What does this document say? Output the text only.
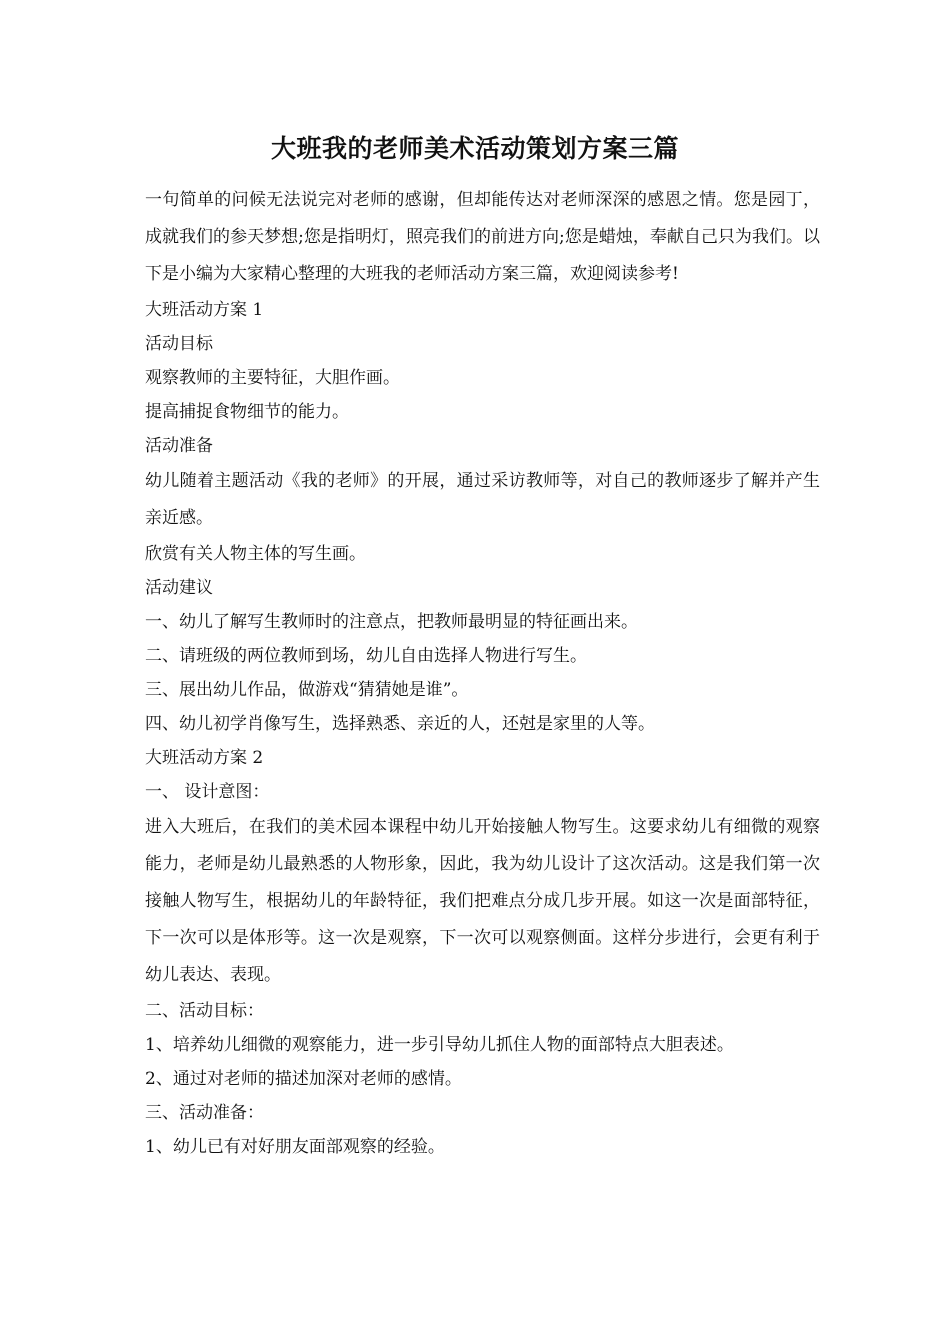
大班我的老师美术活动策划方案三篇

一句简单的问候无法说完对老师的感谢，但却能传达对老师深深的感恩之情。您是园丁，成就我们的参天梦想;您是指明灯，照亮我们的前进方向;您是蜡烛，奉献自己只为我们。以下是小编为大家精心整理的大班我的老师活动方案三篇，欢迎阅读参考!

大班活动方案 1

活动目标

观察教师的主要特征，大胆作画。

提高捕捉食物细节的能力。

活动准备

幼儿随着主题活动《我的老师》的开展，通过采访教师等，对自己的教师逐步了解并产生亲近感。

欣赏有关人物主体的写生画。

活动建议

一、幼儿了解写生教师时的注意点，把教师最明显的特征画出来。

二、请班级的两位教师到场，幼儿自由选择人物进行写生。

三、展出幼儿作品，做游戏“猜猜她是谁”。

四、幼儿初学肖像写生，选择熟悉、亲近的人，还尅是家里的人等。

大班活动方案 2

一、 设计意图：

进入大班后，在我们的美术园本课程中幼儿开始接触人物写生。这要求幼儿有细微的观察能力，老师是幼儿最熟悉的人物形象，因此，我为幼儿设计了这次活动。这是我们第一次接触人物写生，根据幼儿的年龄特征，我们把难点分成几步开展。如这一次是面部特征，下一次可以是体形等。这一次是观察，下一次可以观察侧面。这样分步进行，会更有利于幼儿表达、表现。

二、活动目标：

1、培养幼儿细微的观察能力，进一步引导幼儿抓住人物的面部特点大胆表述。

2、通过对老师的描述加深对老师的感情。

三、活动准备：

1、幼儿已有对好朋友面部观察的经验。
